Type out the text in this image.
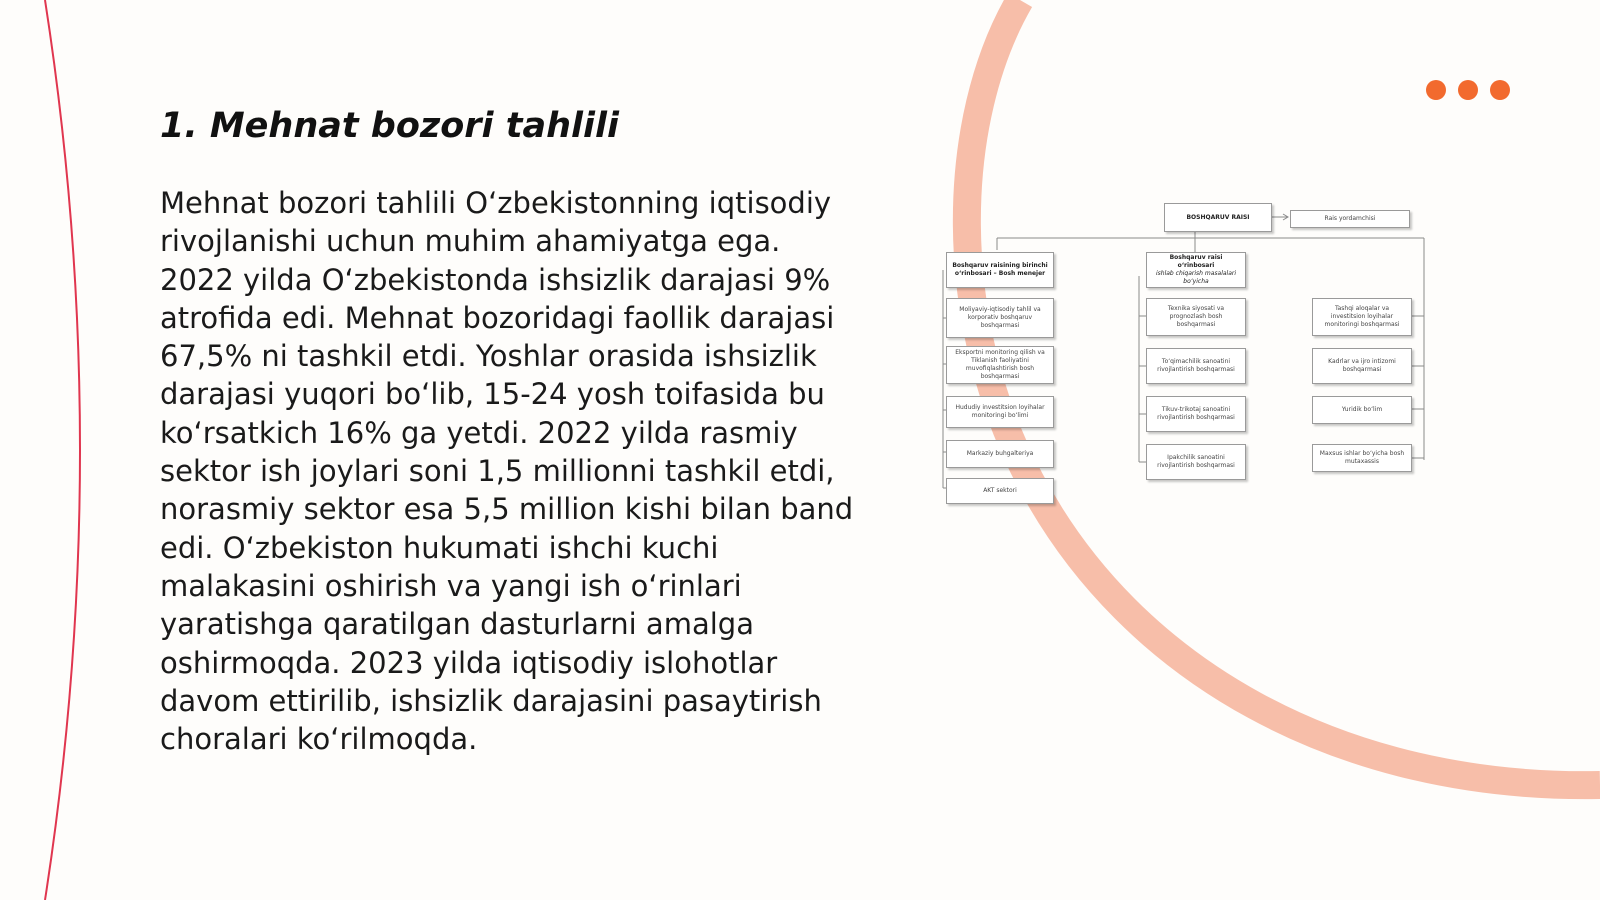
1. Mehnat bozori tahlili

Mehnat bozori tahlili O‘zbekistonning iqtisodiy rivojlanishi uchun muhim ahamiyatga ega. 2022 yilda O‘zbekistonda ishsizlik darajasi 9% atrofida edi. Mehnat bozoridagi faollik darajasi 67,5% ni tashkil etdi. Yoshlar orasida ishsizlik darajasi yuqori bo‘lib, 15-24 yosh toifasida bu ko‘rsatkich 16% ga yetdi. 2022 yilda rasmiy sektor ish joylari soni 1,5 millionni tashkil etdi, norasmiy sektor esa 5,5 million kishi bilan band edi. O‘zbekiston hukumati ishchi kuchi malakasini oshirish va yangi ish o‘rinlari yaratishga qaratilgan dasturlarni amalga oshirmoqda. 2023 yilda iqtisodiy islohotlar davom ettirilib, ishsizlik darajasini pasaytirish choralari ko‘rilmoqda.

BOSHQARUV RAISI	Rais yordamchisi
Boshqaruv raisining birinchi o‘rinbosari – Bosh menejer
Moliyaviy-iqtisodiy tahlil va korporativ boshqaruv boshqarmasi
Eksportni monitoring qilish va Tiklanish faoliyatini muvofiqlashtirish bosh boshqarmasi
Hududiy investitsion loyihalar monitoringi bo‘limi
Markaziy buhgalteriya
AKT sektori
Boshqaruv raisi o‘rinbosari
ishlab chiqarish masalalari bo‘yicha
Texnika siyosati va prognozlash bosh boshqarmasi
To‘qimachilik sanoatini rivojlantirish boshqarmasi
Tikuv-trikotaj sanoatini rivojlantirish boshqarmasi
Ipakchilik sanoatini rivojlantirish boshqarmasi
Tashqi aloqalar va investitsion loyihalar monitoringi boshqarmasi
Kadrlar va ijro intizomi boshqarmasi
Yuridik bo‘lim
Maxsus ishlar bo‘yicha bosh mutaxassis
